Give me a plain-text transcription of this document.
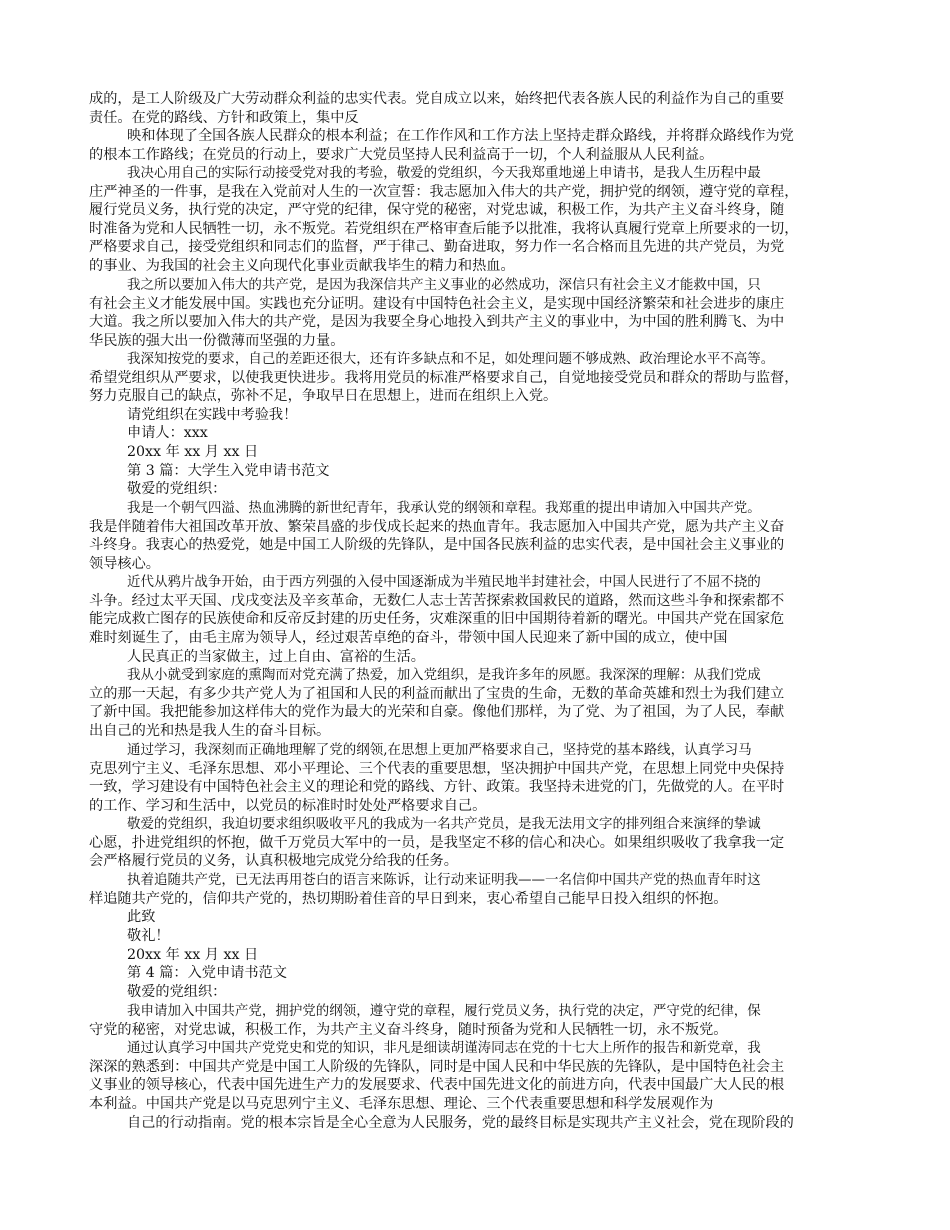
成的，是工人阶级及广大劳动群众利益的忠实代表。党自成立以来，始终把代表各族人民的利益作为自己的重要
责任。在党的路线、方针和政策上，集中反
映和体现了全国各族人民群众的根本利益；在工作作风和工作方法上坚持走群众路线，并将群众路线作为党
的根本工作路线；在党员的行动上，要求广大党员坚持人民利益高于一切，个人利益服从人民利益。
我决心用自己的实际行动接受党对我的考验，敬爱的党组织，今天我郑重地递上申请书，是我人生历程中最
庄严神圣的一件事，是我在入党前对人生的一次宣誓：我志愿加入伟大的共产党，拥护党的纲领，遵守党的章程，
履行党员义务，执行党的决定，严守党的纪律，保守党的秘密，对党忠诚，积极工作，为共产主义奋斗终身，随
时准备为党和人民牺牲一切，永不叛党。若党组织在严格审查后能予以批准，我将认真履行党章上所要求的一切，
严格要求自己，接受党组织和同志们的监督，严于律己、勤奋进取，努力作一名合格而且先进的共产党员，为党
的事业、为我国的社会主义向现代化事业贡献我毕生的精力和热血。
我之所以要加入伟大的共产党，是因为我深信共产主义事业的必然成功，深信只有社会主义才能救中国，只
有社会主义才能发展中国。实践也充分证明。建设有中国特色社会主义，是实现中国经济繁荣和社会进步的康庄
大道。我之所以要加入伟大的共产党，是因为我要全身心地投入到共产主义的事业中，为中国的胜利腾飞、为中
华民族的强大出一份微薄而坚强的力量。
我深知按党的要求，自己的差距还很大，还有许多缺点和不足，如处理问题不够成熟、政治理论水平不高等。
希望党组织从严要求，以使我更快进步。我将用党员的标准严格要求自己，自觉地接受党员和群众的帮助与监督，
努力克服自己的缺点，弥补不足，争取早日在思想上，进而在组织上入党。
请党组织在实践中考验我！
申请人：xxx
20xx 年 xx 月 xx 日
第 3 篇：大学生入党申请书范文
敬爱的党组织：
我是一个朝气四溢、热血沸腾的新世纪青年，我承认党的纲领和章程。我郑重的提出申请加入中国共产党。
我是伴随着伟大祖国改革开放、繁荣昌盛的步伐成长起来的热血青年。我志愿加入中国共产党，愿为共产主义奋
斗终身。我衷心的热爱党，她是中国工人阶级的先锋队，是中国各民族利益的忠实代表，是中国社会主义事业的
领导核心。
近代从鸦片战争开始，由于西方列强的入侵中国逐渐成为半殖民地半封建社会，中国人民进行了不屈不挠的
斗争。经过太平天国、戊戌变法及辛亥革命，无数仁人志士苦苦探索救国救民的道路，然而这些斗争和探索都不
能完成救亡图存的民族使命和反帝反封建的历史任务，灾难深重的旧中国期待着新的曙光。中国共产党在国家危
难时刻诞生了，由毛主席为领导人，经过艰苦卓绝的奋斗，带领中国人民迎来了新中国的成立，使中国
人民真正的当家做主，过上自由、富裕的生活。
我从小就受到家庭的熏陶而对党充满了热爱，加入党组织，是我许多年的夙愿。我深深的理解：从我们党成
立的那一天起，有多少共产党人为了祖国和人民的利益而献出了宝贵的生命，无数的革命英雄和烈士为我们建立
了新中国。我把能参加这样伟大的党作为最大的光荣和自豪。像他们那样，为了党、为了祖国，为了人民，奉献
出自己的光和热是我人生的奋斗目标。
通过学习，我深刻而正确地理解了党的纲领,在思想上更加严格要求自己，坚持党的基本路线，认真学习马
克思列宁主义、毛泽东思想、邓小平理论、三个代表的重要思想，坚决拥护中国共产党，在思想上同党中央保持
一致，学习建设有中国特色社会主义的理论和党的路线、方针、政策。我坚持未进党的门，先做党的人。在平时
的工作、学习和生活中，以党员的标准时时处处严格要求自己。
敬爱的党组织，我迫切要求组织吸收平凡的我成为一名共产党员，是我无法用文字的排列组合来演绎的挚诚
心愿，扑进党组织的怀抱，做千万党员大军中的一员，是我坚定不移的信心和决心。如果组织吸收了我拿我一定
会严格履行党员的义务，认真积极地完成党分给我的任务。
执着追随共产党，已无法再用苍白的语言来陈诉，让行动来证明我——一名信仰中国共产党的热血青年时这
样追随共产党的，信仰共产党的，热切期盼着佳音的早日到来，衷心希望自己能早日投入组织的怀抱。
此致
敬礼！
20xx 年 xx 月 xx 日
第 4 篇：入党申请书范文
敬爱的党组织：
我申请加入中国共产党，拥护党的纲领，遵守党的章程，履行党员义务，执行党的决定，严守党的纪律，保
守党的秘密，对党忠诚，积极工作，为共产主义奋斗终身，随时预备为党和人民牺牲一切，永不叛党。
通过认真学习中国共产党党史和党的知识，非凡是细读胡谨涛同志在党的十七大上所作的报告和新党章，我
深深的熟悉到：中国共产党是中国工人阶级的先锋队，同时是中国人民和中华民族的先锋队，是中国特色社会主
义事业的领导核心，代表中国先进生产力的发展要求、代表中国先进文化的前进方向，代表中国最广大人民的根
本利益。中国共产党是以马克思列宁主义、毛泽东思想、理论、三个代表重要思想和科学发展观作为
自己的行动指南。党的根本宗旨是全心全意为人民服务，党的最终目标是实现共产主义社会，党在现阶段的
